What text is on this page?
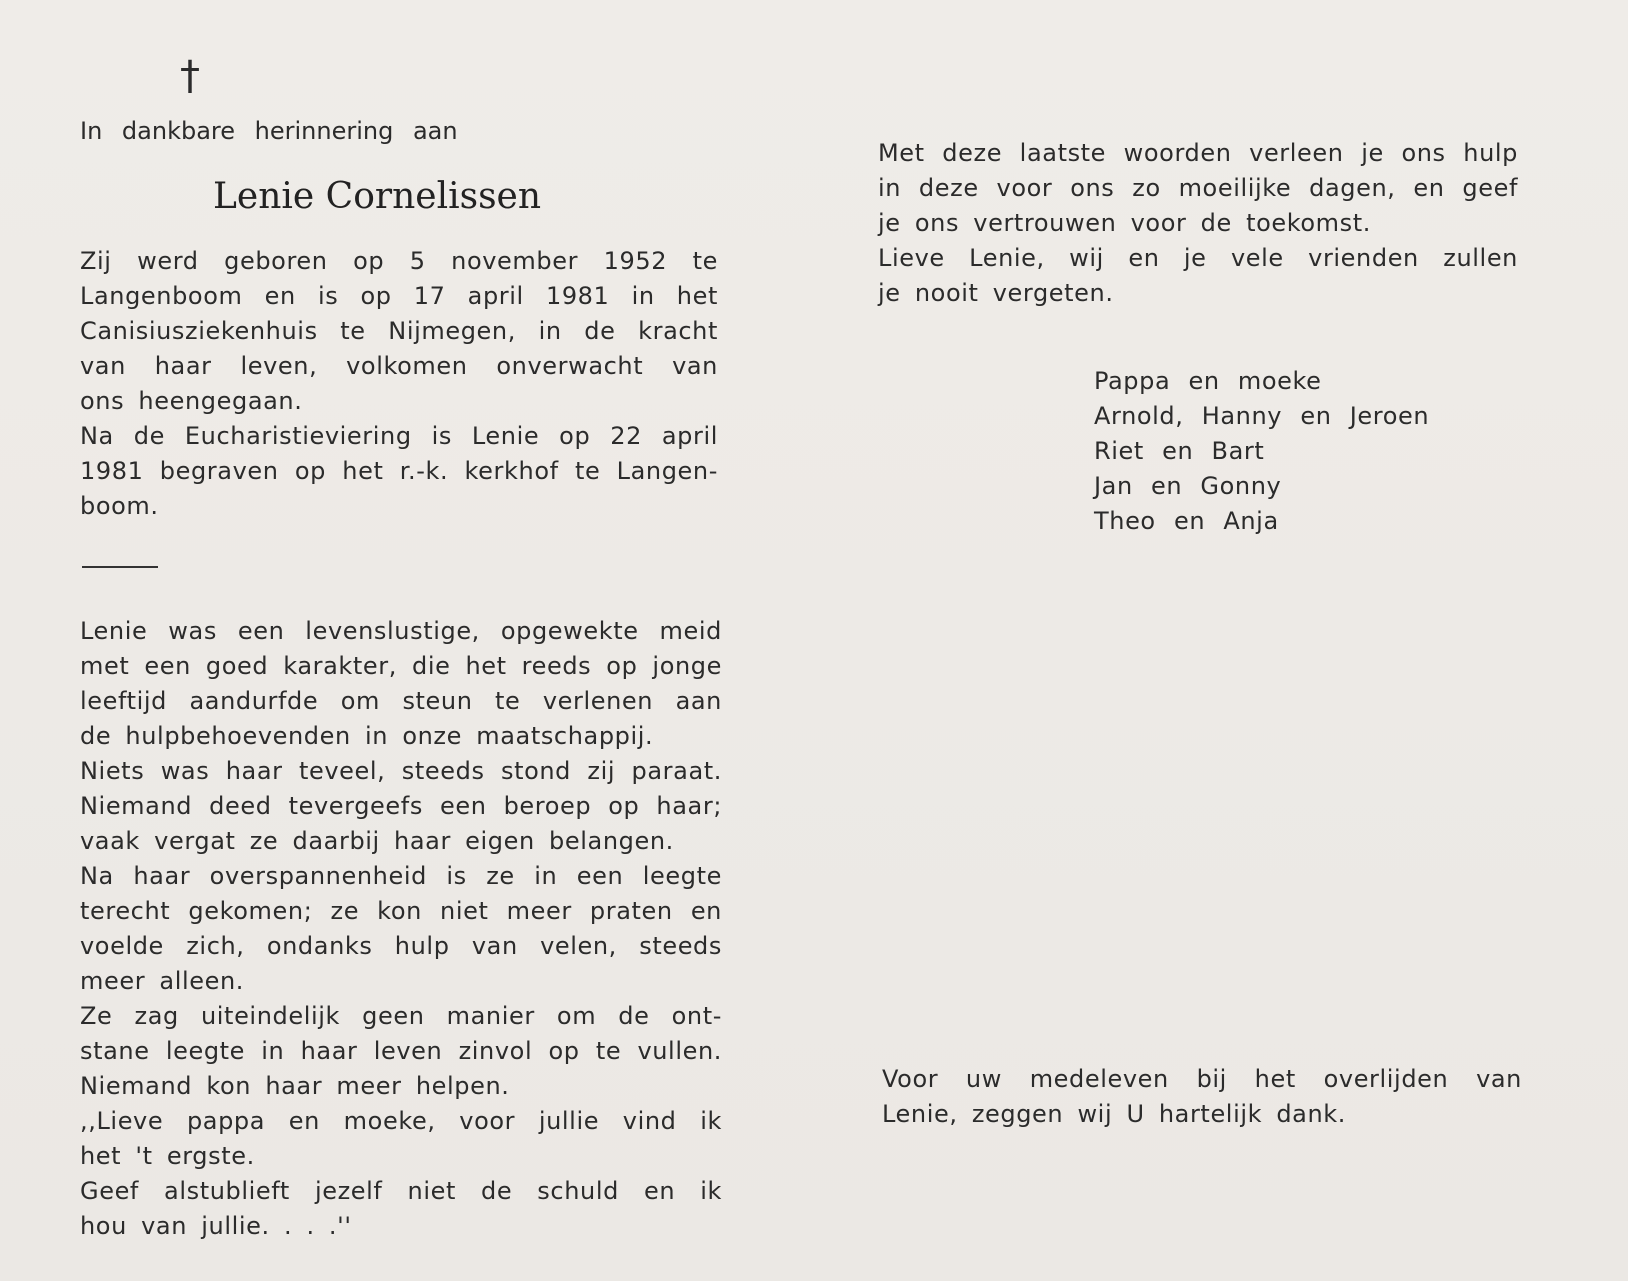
†
In dankbare herinnering aan
Lenie Cornelissen
Zij werd geboren op 5 november 1952 te
Langenboom en is op 17 april 1981 in het
Canisiusziekenhuis te Nijmegen, in de kracht
van haar leven, volkomen onverwacht van
ons heengegaan.
Na de Eucharistieviering is Lenie op 22 april
1981 begraven op het r.-k. kerkhof te Langen-
boom.
Lenie was een levenslustige, opgewekte meid
met een goed karakter, die het reeds op jonge
leeftijd aandurfde om steun te verlenen aan
de hulpbehoevenden in onze maatschappij.
Niets was haar teveel, steeds stond zij paraat.
Niemand deed tevergeefs een beroep op haar;
vaak vergat ze daarbij haar eigen belangen.
Na haar overspannenheid is ze in een leegte
terecht gekomen; ze kon niet meer praten en
voelde zich, ondanks hulp van velen, steeds
meer alleen.
Ze zag uiteindelijk geen manier om de ont-
stane leegte in haar leven zinvol op te vullen.
Niemand kon haar meer helpen.
,,Lieve pappa en moeke, voor jullie vind ik
het 't ergste.
Geef alstublieft jezelf niet de schuld en ik
hou van jullie. . . .''
Met deze laatste woorden verleen je ons hulp
in deze voor ons zo moeilijke dagen, en geef
je ons vertrouwen voor de toekomst.
Lieve Lenie, wij en je vele vrienden zullen
je nooit vergeten.
Pappa en moeke
Arnold, Hanny en Jeroen
Riet en Bart
Jan en Gonny
Theo en Anja
Voor uw medeleven bij het overlijden van
Lenie, zeggen wij U hartelijk dank.
